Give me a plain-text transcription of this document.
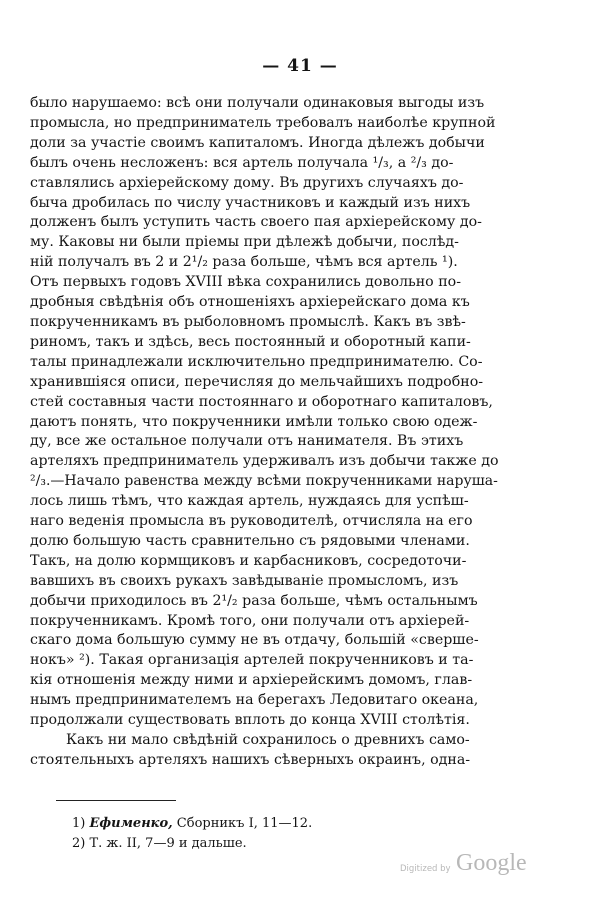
— 41 —
было нарушаемо: всѣ они получали одинаковыя выгоды изъ
промысла, но предприниматель требовалъ наиболѣе крупной
доли за участіе своимъ капиталомъ. Иногда дѣлежъ добычи
былъ очень несложенъ: вся артель получала ¹/₃, а ²/₃ до-
ставлялись архіерейскому дому. Въ другихъ случаяхъ до-
быча дробилась по числу участниковъ и каждый изъ нихъ
долженъ былъ уступить часть своего пая архіерейскому до-
му. Каковы ни были пріемы при дѣлежѣ добычи, послѣд-
ній получалъ въ 2 и 2¹/₂ раза больше, чѣмъ вся артель ¹).
Отъ первыхъ годовъ XVIII вѣка сохранились довольно по-
дробныя свѣдѣнія объ отношеніяхъ архіерейскаго дома къ
покрученникамъ въ рыболовномъ промыслѣ. Какъ въ звѣ-
риномъ, такъ и здѣсь, весь постоянный и оборотный капи-
талы принадлежали исключительно предпринимателю. Со-
хранившіяся описи, перечисляя до мельчайшихъ подробно-
стей составныя части постояннаго и оборотнаго капиталовъ,
даютъ понять, что покрученники имѣли только свою одеж-
ду, все же остальное получали отъ нанимателя. Въ этихъ
артеляхъ предприниматель удерживалъ изъ добычи также до
²/₃.—Начало равенства между всѣми покрученниками наруша-
лось лишь тѣмъ, что каждая артель, нуждаясь для успѣш-
наго веденія промысла въ руководителѣ, отчисляла на его
долю большую часть сравнительно съ рядовыми членами.
Такъ, на долю кормщиковъ и карбасниковъ, сосредоточи-
вавшихъ въ своихъ рукахъ завѣдываніе промысломъ, изъ
добычи приходилось въ 2¹/₂ раза больше, чѣмъ остальнымъ
покрученникамъ. Кромѣ того, они получали отъ архіерей-
скаго дома большую сумму не въ отдачу, большій «свершe-
нокъ» ²). Такая организація артелей покрученниковъ и та-
кія отношенія между ними и архіерейскимъ домомъ, глав-
нымъ предпринимателемъ на берегахъ Ледовитаго океана,
продолжали существовать вплоть до конца XVIII столѣтія.
Какъ ни мало свѣдѣній сохранилось о древнихъ само-
стоятельныхъ артеляхъ нашихъ сѣверныхъ окраинъ, одна-
1) Ефименко, Сборникъ I, 11—12.
2) Т. ж. II, 7—9 и дальше.
Digitized by Google
